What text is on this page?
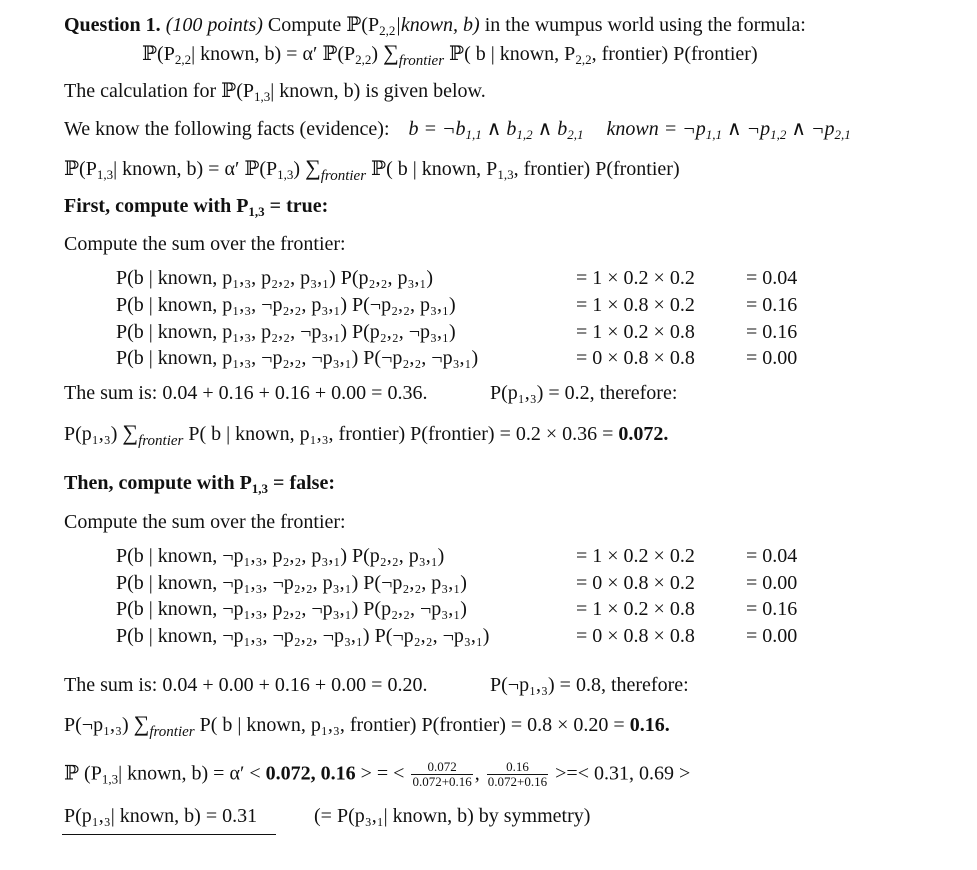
Question 1. (100 points) Compute $ℙ(P_{2,2}|known$, b) in the wumpus world using the formula:
$ℙ(P_{2,2}|$ known, b) = α′ $ℙ(P_{2,2})$ $\sum_{frontier}$ ℙ( b | known, $P_{2,2}$, frontier) P(frontier)
The calculation for $ℙ(P_{1,3}|$ known, b) is given below.
We know the following facts (evidence): $b = \neg b_{1,1}$ ∧ $b_{1,2}$ ∧ $b_{2,1}$ known = $\neg p_{1,1}$ ∧ $\neg p_{1,2}$ ∧ $\neg p_{2,1}$
$ℙ(P_{1,3}|$ known, b) = α′ $ℙ(P_{1,3})$ $\sum_{frontier}$ ℙ( b | known, $P_{1,3}$, frontier) P(frontier)
First, compute with $P_{1,3}$ = true:
Compute the sum over the frontier:
P(b | known, p₁,₃, p₂,₂, p₃,₁) P(p₂,₂, p₃,₁)	= 1 × 0.2 × 0.2	= 0.04
P(b | known, p₁,₃, ¬p₂,₂, p₃,₁) P(¬p₂,₂, p₃,₁)	= 1 × 0.8 × 0.2	= 0.16
P(b | known, p₁,₃, p₂,₂, ¬p₃,₁) P(p₂,₂, ¬p₃,₁)	= 1 × 0.2 × 0.8	= 0.16
P(b | known, p₁,₃, ¬p₂,₂, ¬p₃,₁) P(¬p₂,₂, ¬p₃,₁)	= 0 × 0.8 × 0.8	= 0.00
The sum is: 0.04 + 0.16 + 0.16 + 0.00 = 0.36.	P(p₁,₃) = 0.2, therefore:
P(p₁,₃) $\sum_{frontier}$ P( b | known, p₁,₃, frontier) P(frontier) = 0.2 × 0.36 = 0.072.
Then, compute with $P_{1,3}$ = false:
Compute the sum over the frontier:
P(b | known, ¬p₁,₃, p₂,₂, p₃,₁) P(p₂,₂, p₃,₁)	= 1 × 0.2 × 0.2	= 0.04
P(b | known, ¬p₁,₃, ¬p₂,₂, p₃,₁) P(¬p₂,₂, p₃,₁)	= 0 × 0.8 × 0.2	= 0.00
P(b | known, ¬p₁,₃, p₂,₂, ¬p₃,₁) P(p₂,₂, ¬p₃,₁)	= 1 × 0.2 × 0.8	= 0.16
P(b | known, ¬p₁,₃, ¬p₂,₂, ¬p₃,₁) P(¬p₂,₂, ¬p₃,₁)	= 0 × 0.8 × 0.8	= 0.00
The sum is: 0.04 + 0.00 + 0.16 + 0.00 = 0.20.	P(¬p₁,₃) = 0.8, therefore:
P(¬p₁,₃) $\sum_{frontier}$ P( b | known, p₁,₃, frontier) P(frontier) = 0.8 × 0.20 = 0.16.
ℙ ($P_{1,3}|$ known, b) = α′ < 0.072, 0.16 > = < $\frac{0.072}{0.072+0.16}$ , $\frac{0.16}{0.072+0.16}$ >=< 0.31, 0.69 >
P(p₁,₃| known, b) = 0.31	(= P(p₃,₁| known, b) by symmetry)
